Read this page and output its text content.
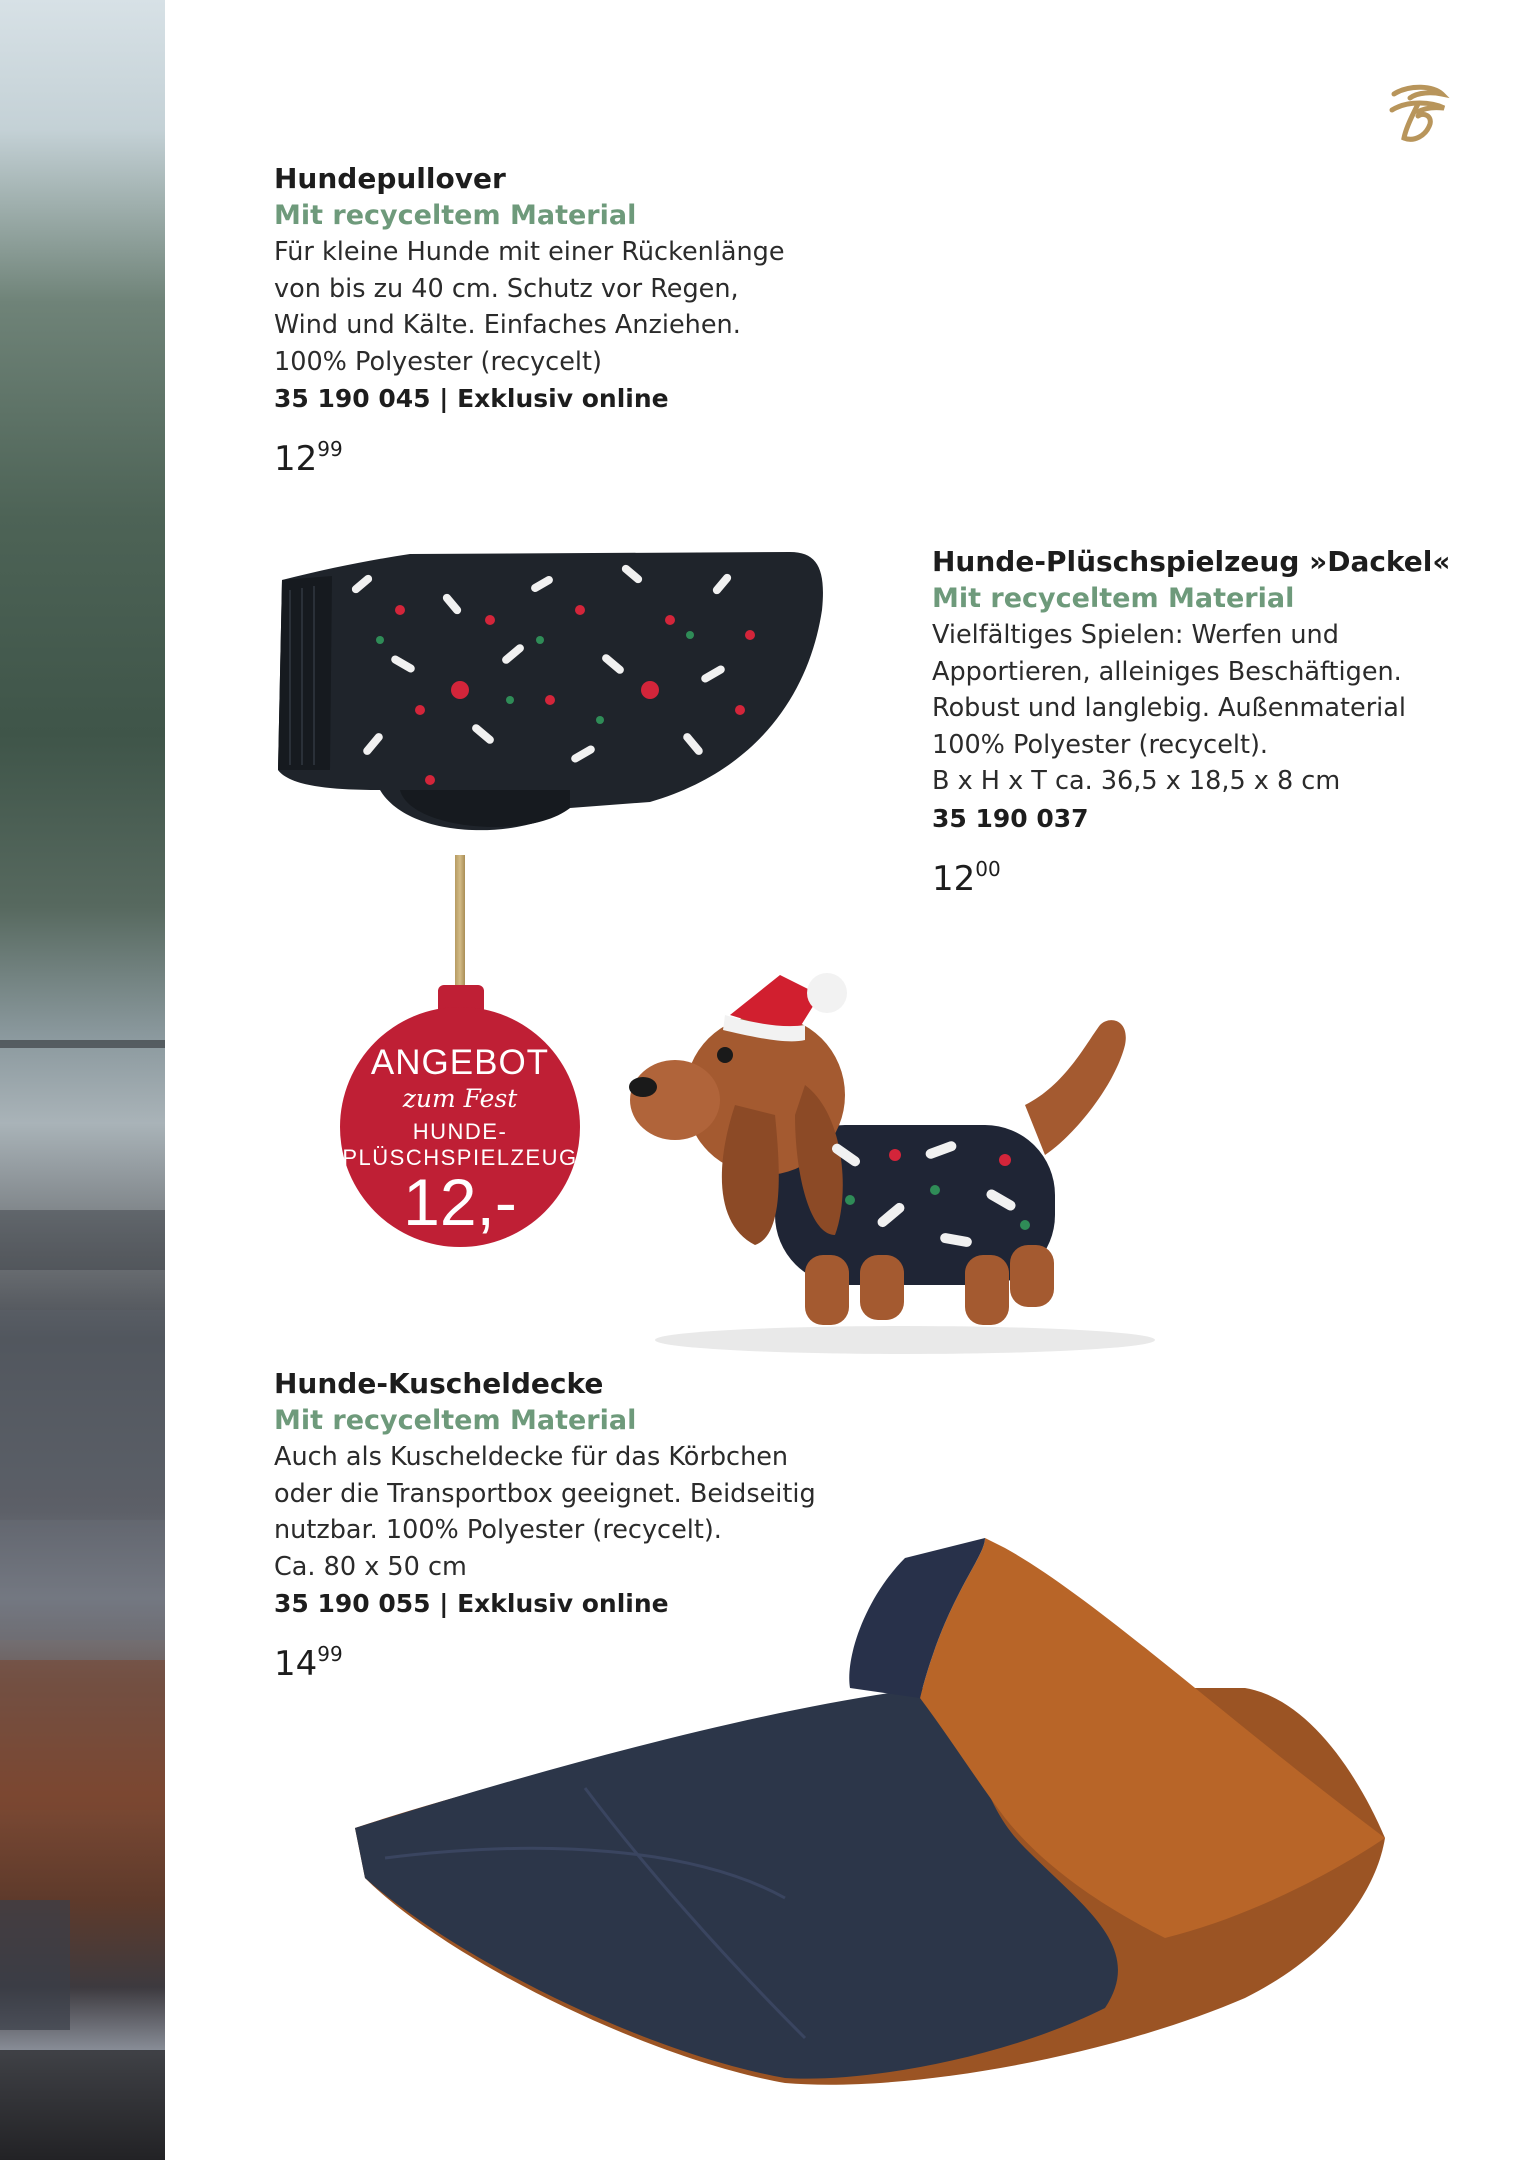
Hundepullover
Mit recyceltem Material
Für kleine Hunde mit einer Rückenlänge
von bis zu 40 cm. Schutz vor Regen,
Wind und Kälte. Einfaches Anziehen.
100% Polyester (recycelt)
35 190 045 | Exklusiv online
$12^{99}$
Hunde-Plüschspielzeug »Dackel«
Mit recyceltem Material
Vielfältiges Spielen: Werfen und
Apportieren, alleiniges Beschäftigen.
Robust und langlebig. Außenmaterial
100% Polyester (recycelt).
B x H x T ca. 36,5 x 18,5 x 8 cm
35 190 037
$12^{00}$
Hunde-Kuscheldecke
Mit recyceltem Material
Auch als Kuscheldecke für das Körbchen
oder die Transportbox geeignet. Beidseitig
nutzbar. 100% Polyester (recycelt).
Ca. 80 x 50 cm
35 190 055 | Exklusiv online
$14^{99}$
ANGEBOT
zum Fest
HUNDE-
PLÜSCHSPIELZEUG
12,-
